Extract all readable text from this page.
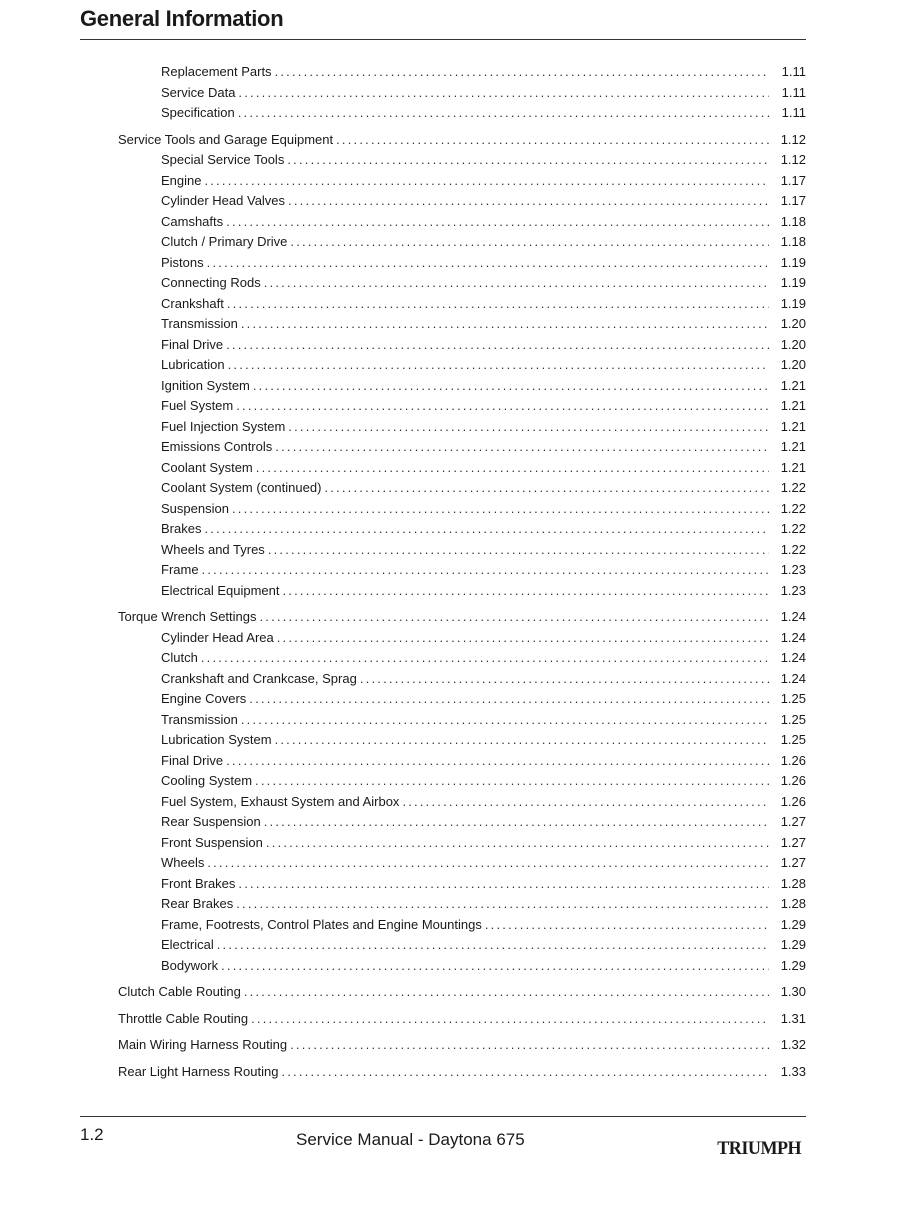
General Information
Replacement Parts .....	1.11
Service Data .....	1.11
Specification .....	1.11
Service Tools and Garage Equipment .....	1.12
Special Service Tools .....	1.12
Engine .....	1.17
Cylinder Head Valves .....	1.17
Camshafts .....	1.18
Clutch / Primary Drive .....	1.18
Pistons .....	1.19
Connecting Rods .....	1.19
Crankshaft .....	1.19
Transmission .....	1.20
Final Drive .....	1.20
Lubrication .....	1.20
Ignition System .....	1.21
Fuel System .....	1.21
Fuel Injection System .....	1.21
Emissions Controls .....	1.21
Coolant System .....	1.21
Coolant System (continued) .....	1.22
Suspension .....	1.22
Brakes .....	1.22
Wheels and Tyres .....	1.22
Frame .....	1.23
Electrical Equipment .....	1.23
Torque Wrench Settings .....	1.24
Cylinder Head Area .....	1.24
Clutch .....	1.24
Crankshaft and Crankcase, Sprag .....	1.24
Engine Covers .....	1.25
Transmission .....	1.25
Lubrication System .....	1.25
Final Drive .....	1.26
Cooling System .....	1.26
Fuel System, Exhaust System and Airbox .....	1.26
Rear Suspension .....	1.27
Front Suspension .....	1.27
Wheels .....	1.27
Front Brakes .....	1.28
Rear Brakes .....	1.28
Frame, Footrests, Control Plates and Engine Mountings .....	1.29
Electrical .....	1.29
Bodywork .....	1.29
Clutch Cable Routing .....	1.30
Throttle Cable Routing .....	1.31
Main Wiring Harness Routing .....	1.32
Rear Light Harness Routing .....	1.33
1.2	Service Manual - Daytona 675	TRIUMPH
